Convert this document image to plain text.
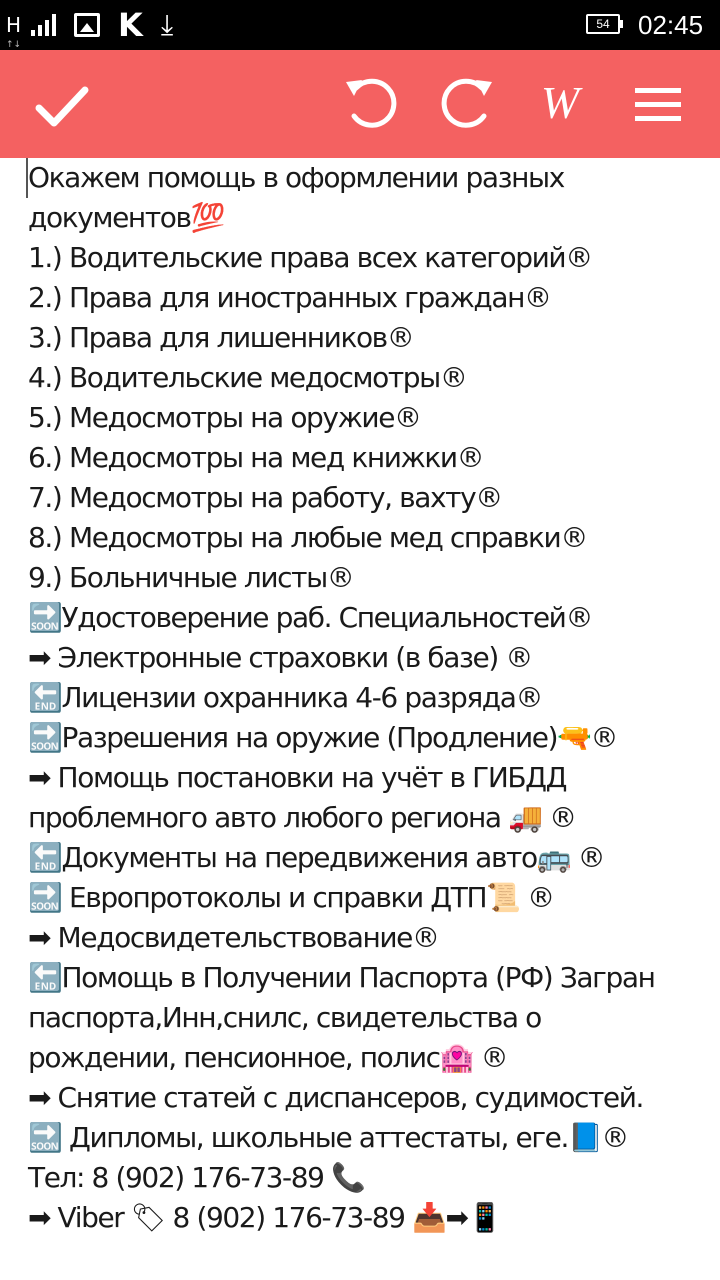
H
↑↓
K ⤓	54	02:45
W
Окажем помощь в оформлении разных
документов💯
1.) Водительские права всех категорий®
2.) Права для иностранных граждан®
3.) Права для лишенников®
4.) Водительские медосмотры®
5.) Медосмотры на оружие®
6.) Медосмотры на мед книжки®
7.) Медосмотры на работу, вахту®
8.) Медосмотры на любые мед справки®
9.) Больничные листы®
🔜Удостоверение раб. Специальностей®
➡ Электронные страховки (в базе) ®
🔚Лицензии охранника 4-6 разряда®
🔜Разрешения на оружие (Продление)🔫®
➡ Помощь постановки на учёт в ГИБДД
проблемного авто любого региона 🚚 ®
🔚Документы на передвижения авто🚌 ®
🔜 Европротоколы и справки ДТП📜 ®
➡ Медосвидетельствование®
🔚Помощь в Получении Паспорта (РФ) Загран
паспорта,Инн,снилс, свидетельства о
рождении, пенсионное, полис🏩 ®
➡ Снятие статей с диспансеров, судимостей.
🔜 Дипломы, школьные аттестаты, еге.📘®
Тел: 8 (902) 176-73-89 📞
➡ Viber 🏷 8 (902) 176-73-89 📥➡📱
